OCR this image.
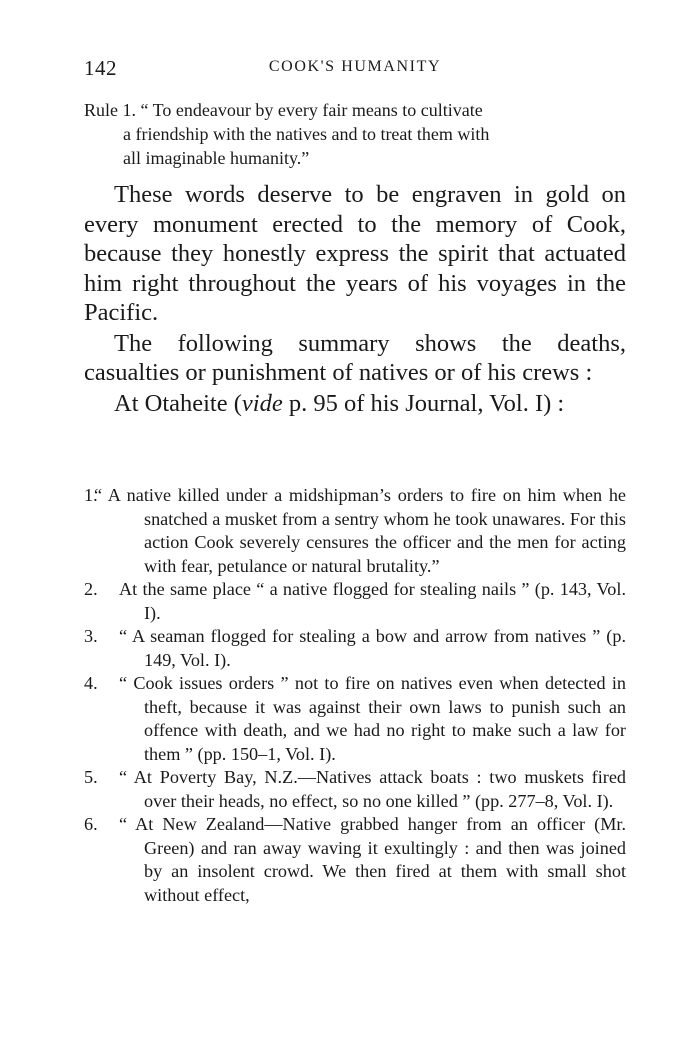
142	COOK'S HUMANITY
Rule 1. “ To endeavour by every fair means to cultivate
a friendship with the natives and to treat them with
all imaginable humanity.”

These words deserve to be engraven in gold on every monument erected to the memory of Cook, because they honestly express the spirit that actuated him right throughout the years of his voyages in the Pacific.

The following summary shows the deaths, casualties or punishment of natives or of his crews :

At Otaheite (vide p. 95 of his Journal, Vol. I) :

1.
“ A native killed under a midshipman’s orders to fire on him when he snatched a musket from a sentry whom he took unawares. For this action Cook severely censures the officer and the men for acting with fear, petulance or natural brutality.”
2. At the same place “ a native flogged for stealing nails ” (p. 143, Vol. I).
3. “ A seaman flogged for stealing a bow and arrow from natives ” (p. 149, Vol. I).
4. “ Cook issues orders ” not to fire on natives even when detected in theft, because it was against their own laws to punish such an offence with death, and we had no right to make such a law for them ” (pp. 150–1, Vol. I).
5. “ At Poverty Bay, N.Z.—Natives attack boats : two muskets fired over their heads, no effect, so no one killed ” (pp. 277–8, Vol. I).
6. “ At New Zealand—Native grabbed hanger from an officer (Mr. Green) and ran away waving it exultingly : and then was joined by an insolent crowd. We then fired at them with small shot without effect,
